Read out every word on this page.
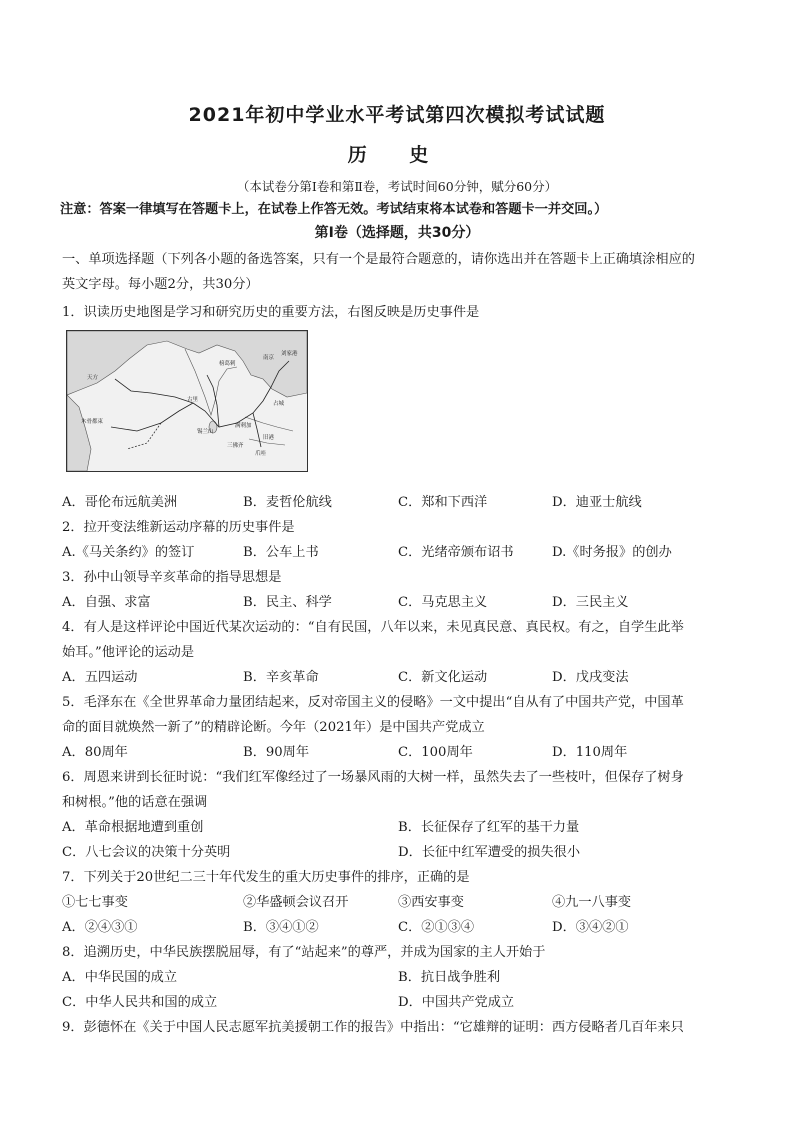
2021年初中学业水平考试第四次模拟考试试题
历 史
（本试卷分第Ⅰ卷和第Ⅱ卷，考试时间60分钟，赋分60分）
注意：答案一律填写在答题卡上，在试卷上作答无效。考试结束将本试卷和答题卡一并交回。）
第Ⅰ卷（选择题，共30分）
一、单项选择题（下列各小题的备选答案，只有一个是最符合题意的，请你选出并在答题卡上正确填涂相应的
英文字母。每小题2分，共30分）
1．识读历史地图是学习和研究历史的重要方法，右图反映是历史事件是
天方
木骨都束
古里
锡兰山
爪哇
满剌加
三佛齐
旧港
南京
刘家港
占城
榜葛剌
A．哥伦布远航美洲	B．麦哲伦航线	C．郑和下西洋	D．迪亚士航线
2．拉开变法维新运动序幕的历史事件是
A.《马关条约》的签订	B．公车上书	C．光绪帝颁布诏书	D.《时务报》的创办
3．孙中山领导辛亥革命的指导思想是
A．自强、求富	B．民主、科学	C．马克思主义	D．三民主义
4．有人是这样评论中国近代某次运动的：“自有民国，八年以来，未见真民意、真民权。有之，自学生此举
始耳。”他评论的运动是
A．五四运动	B．辛亥革命	C．新文化运动	D．戊戌变法
5．毛泽东在《全世界革命力量团结起来，反对帝国主义的侵略》一文中提出“自从有了中国共产党，中国革
命的面目就焕然一新了”的精辟论断。今年（2021年）是中国共产党成立
A．80周年	B．90周年	C．100周年	D．110周年
6．周恩来讲到长征时说：“我们红军像经过了一场暴风雨的大树一样，虽然失去了一些枝叶，但保存了树身
和树根。”他的话意在强调
A．革命根据地遭到重创	B．长征保存了红军的基干力量
C．八七会议的决策十分英明	D．长征中红军遭受的损失很小
7．下列关于20世纪二三十年代发生的重大历史事件的排序，正确的是
①七七事变	②华盛顿会议召开	③西安事变	④九一八事变
A．②④③①	B．③④①②	C．②①③④	D．③④②①
8．追溯历史，中华民族摆脱屈辱，有了“站起来”的尊严，并成为国家的主人开始于
A．中华民国的成立	B．抗日战争胜利
C．中华人民共和国的成立	D．中国共产党成立
9．彭德怀在《关于中国人民志愿军抗美援朝工作的报告》中指出：“它雄辩的证明：西方侵略者几百年来只
